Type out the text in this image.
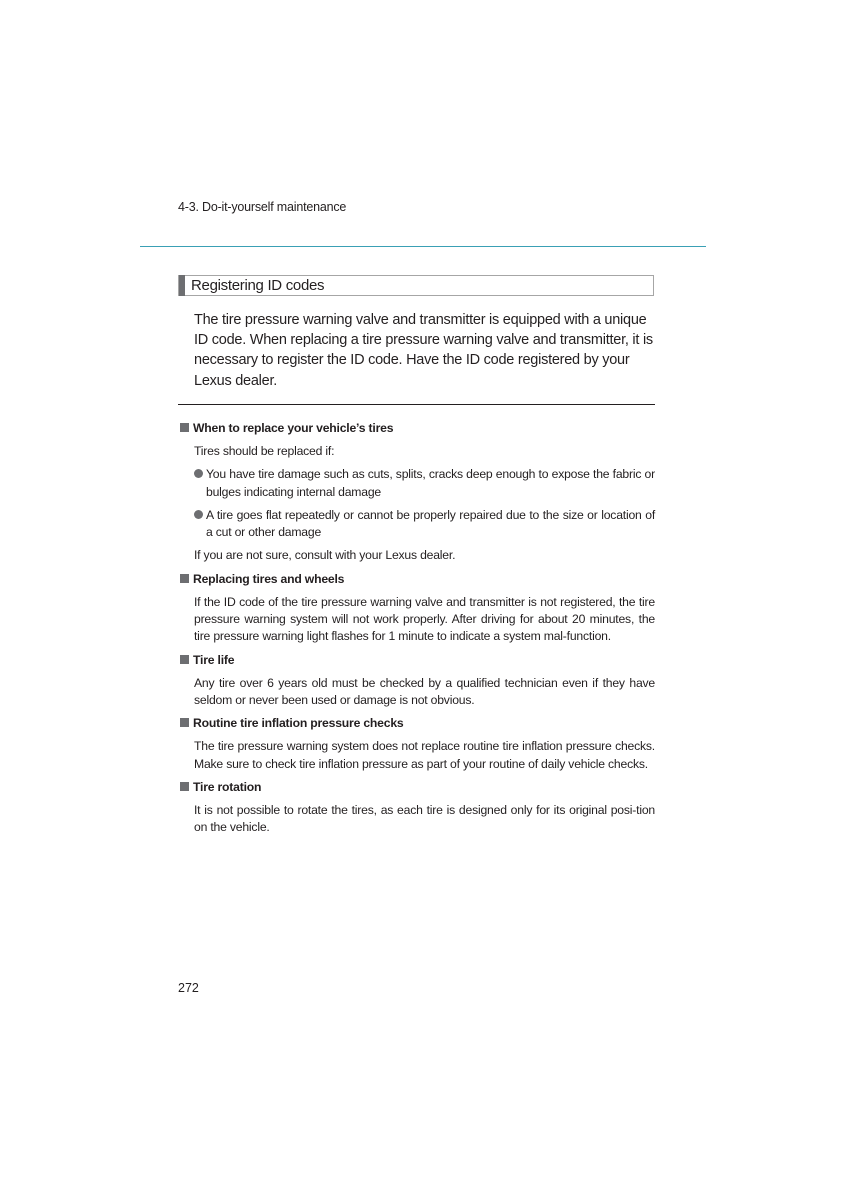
4-3. Do-it-yourself maintenance
Registering ID codes

The tire pressure warning valve and transmitter is equipped with a unique ID code. When replacing a tire pressure warning valve and transmitter, it is necessary to register the ID code. Have the ID code registered by your Lexus dealer.

When to replace your vehicle’s tires

Tires should be replaced if:

You have tire damage such as cuts, splits, cracks deep enough to expose the fabric or bulges indicating internal damage

A tire goes flat repeatedly or cannot be properly repaired due to the size or location of a cut or other damage

If you are not sure, consult with your Lexus dealer.

Replacing tires and wheels

If the ID code of the tire pressure warning valve and transmitter is not registered, the tire pressure warning system will not work properly. After driving for about 20 minutes, the tire pressure warning light flashes for 1 minute to indicate a system mal-function.

Tire life

Any tire over 6 years old must be checked by a qualified technician even if they have seldom or never been used or damage is not obvious.

Routine tire inflation pressure checks

The tire pressure warning system does not replace routine tire inflation pressure checks. Make sure to check tire inflation pressure as part of your routine of daily vehicle checks.

Tire rotation

It is not possible to rotate the tires, as each tire is designed only for its original posi-tion on the vehicle.

272
